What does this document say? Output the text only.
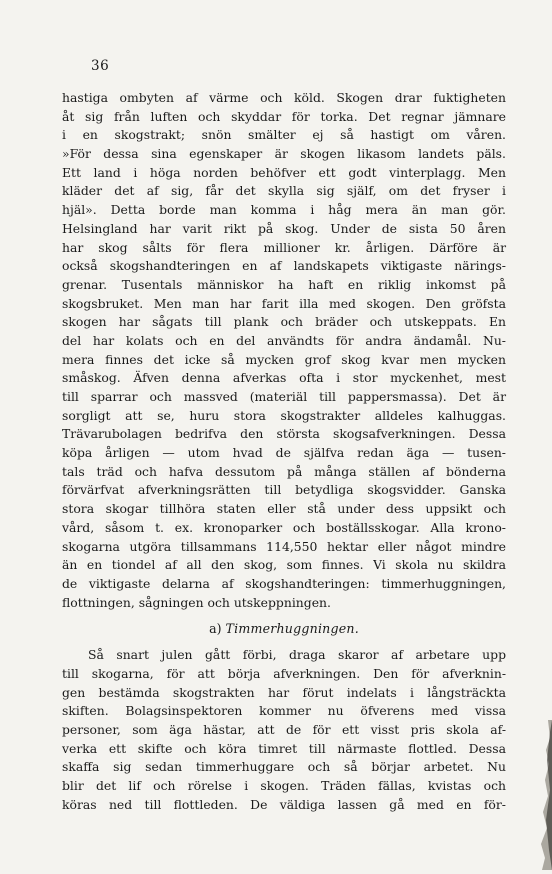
36
hastiga ombyten af värme och köld. Skogen drar fuktigheten
åt sig från luften och skyddar för torka. Det regnar jämnare
i en skogstrakt; snön smälter ej så hastigt om våren.
»För dessa sina egenskaper är skogen likasom landets päls.
Ett land i höga norden behöfver ett godt vinterplagg. Men
kläder det af sig, får det skylla sig själf, om det fryser i
hjäl». Detta borde man komma i håg mera än man gör.
Helsingland har varit rikt på skog. Under de sista 50 åren
har skog sålts för flera millioner kr. årligen. Därföre är
också skogshandteringen en af landskapets viktigaste närings-
grenar. Tusentals människor ha haft en riklig inkomst på
skogsbruket. Men man har farit illa med skogen. Den gröfsta
skogen har sågats till plank och bräder och utskeppats. En
del har kolats och en del användts för andra ändamål. Nu-
mera finnes det icke så mycken grof skog kvar men mycken
småskog. Äfven denna afverkas ofta i stor myckenhet, mest
till sparrar och massved (materiäl till pappersmassa). Det är
sorgligt att se, huru stora skogstrakter alldeles kalhuggas.
Trävarubolagen bedrifva den största skogsafverkningen. Dessa
köpa årligen — utom hvad de själfva redan äga — tusen-
tals träd och hafva dessutom på många ställen af bönderna
förvärfvat afverkningsrätten till betydliga skogsvidder. Ganska
stora skogar tillhöra staten eller stå under dess uppsikt och
vård, såsom t. ex. kronoparker och boställsskogar. Alla krono-
skogarna utgöra tillsammans 114,550 hektar eller något mindre
än en tiondel af all den skog, som finnes. Vi skola nu skildra
de viktigaste delarna af skogshandteringen: timmerhuggningen,
flottningen, sågningen och utskeppningen.
a) Timmerhuggningen.
Så snart julen gått förbi, draga skaror af arbetare upp
till skogarna, för att börja afverkningen. Den för afverknin-
gen bestämda skogstrakten har förut indelats i långsträckta
skiften. Bolagsinspektoren kommer nu öfverens med vissa
personer, som äga hästar, att de för ett visst pris skola af-
verka ett skifte och köra timret till närmaste flottled. Dessa
skaffa sig sedan timmerhuggare och så börjar arbetet. Nu
blir det lif och rörelse i skogen. Träden fällas, kvistas och
köras ned till flottleden. De väldiga lassen gå med en för-
